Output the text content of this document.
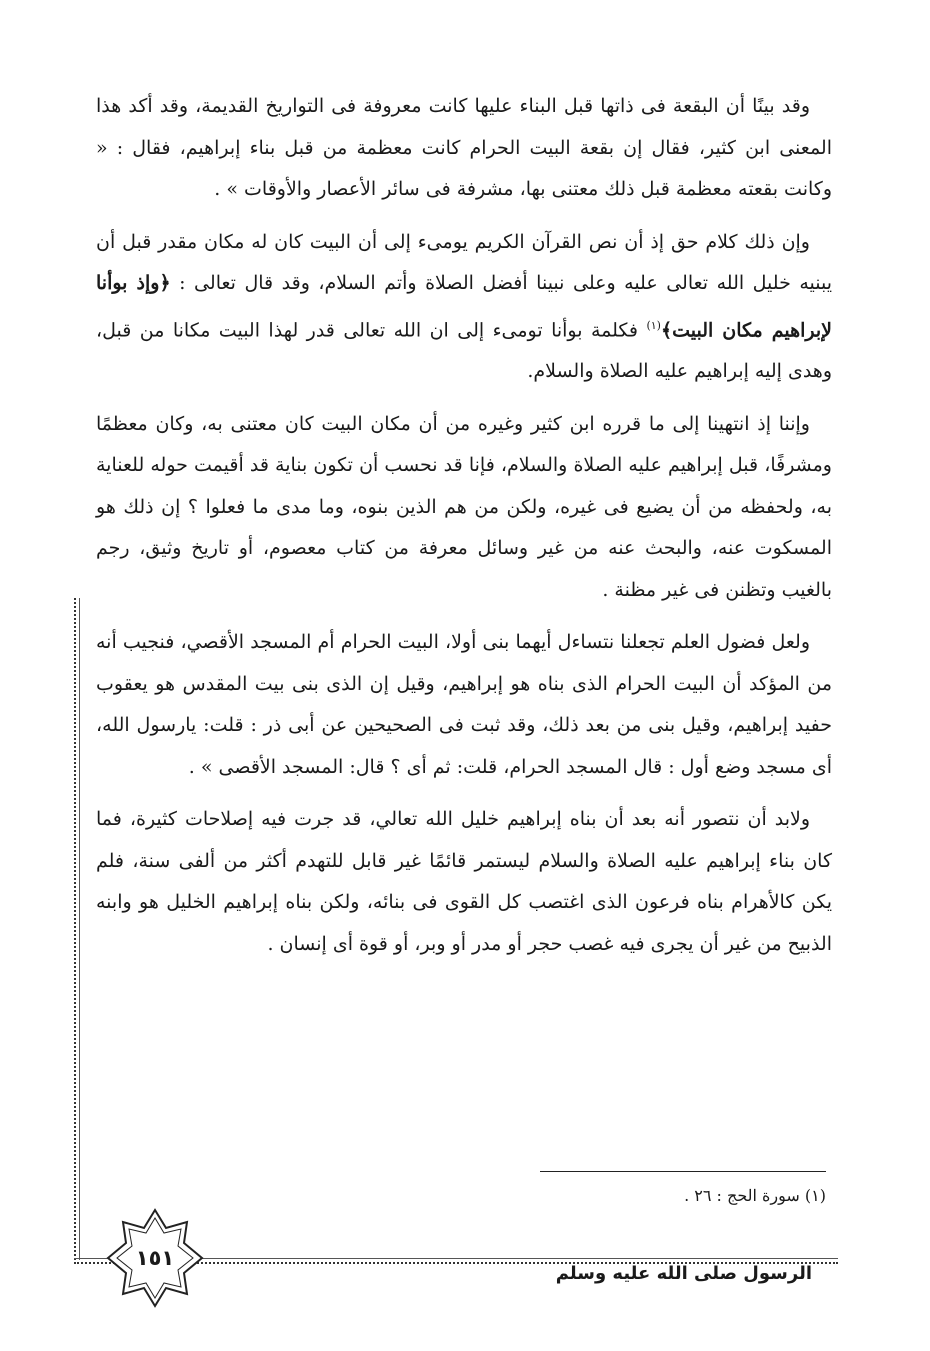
وقد بينًا أن البقعة فى ذاتها قبل البناء عليها كانت معروفة فى التواريخ القديمة، وقد أكد هذا المعنى ابن كثير، فقال إن بقعة البيت الحرام كانت معظمة من قبل بناء إبراهيم، فقال : « وكانت بقعته معظمة قبل ذلك معتنى بها، مشرفة فى سائر الأعصار والأوقات » .

وإن ذلك كلام حق إذ أن نص القرآن الكريم يومىء إلى أن البيت كان له مكان مقدر قبل أن يبنيه خليل الله تعالى عليه وعلى نبينا أفضل الصلاة وأتم السلام، وقد قال تعالى : ﴿وإذ بوأنا لإبراهيم مكان البيت﴾$^{(١)}$ فكلمة بوأنا تومىء إلى ان الله تعالى قدر لهذا البيت مكانا من قبل، وهدى إليه إبراهيم عليه الصلاة والسلام.

وإننا إذ انتهينا إلى ما قرره ابن كثير وغيره من أن مكان البيت كان معتنى به، وكان معظمًا ومشرفًا، قبل إبراهيم عليه الصلاة والسلام، فإنا قد نحسب أن تكون بناية قد أقيمت حوله للعناية به، ولحفظه من أن يضيع فى غيره، ولكن من هم الذين بنوه، وما مدى ما فعلوا ؟ إن ذلك هو المسكوت عنه، والبحث عنه من غير وسائل معرفة من كتاب معصوم، أو تاريخ وثيق، رجم بالغيب وتظنن فى غير مظنة .

ولعل فضول العلم تجعلنا نتساءل أيهما بنى أولا، البيت الحرام أم المسجد الأقصي، فنجيب أنه من المؤكد أن البيت الحرام الذى بناه هو إبراهيم، وقيل إن الذى بنى بيت المقدس هو يعقوب حفيد إبراهيم، وقيل بنى من بعد ذلك، وقد ثبت فى الصحيحين عن أبى ذر : قلت: يارسول الله، أى مسجد وضع أول : قال المسجد الحرام، قلت: ثم أى ؟ قال: المسجد الأقصى » .

ولابد أن نتصور أنه بعد أن بناه إبراهيم خليل الله تعالي، قد جرت فيه إصلاحات كثيرة، فما كان بناء إبراهيم عليه الصلاة والسلام ليستمر قائمًا غير قابل للتهدم أكثر من ألفى سنة، فلم يكن كالأهرام بناه فرعون الذى اغتصب كل القوى فى بنائه، ولكن بناه إبراهيم الخليل هو وابنه الذبيح من غير أن يجرى فيه غصب حجر أو مدر أو وبر، أو قوة أى إنسان .

(١) سورة الحج : ٢٦ .
١٥١
الرسول صلى الله عليه وسلم
